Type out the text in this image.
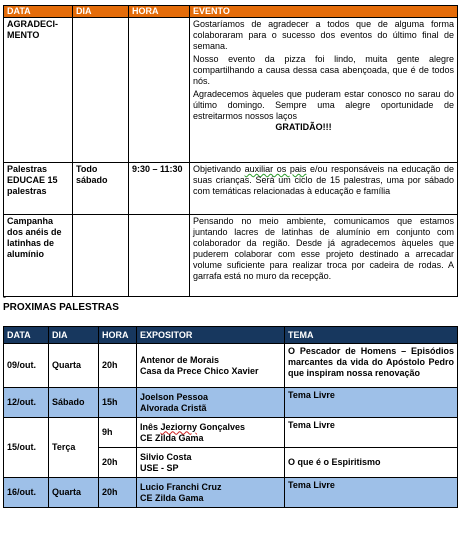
DATA	DIA	HORA	EVENTO
AGRADECI-MENTO			Gostaríamos de agradecer a todos que de alguma forma colaboraram para o sucesso dos eventos do último final de semana.

Nosso evento da pizza foi lindo, muita gente alegre compartilhando a causa dessa casa abençoada, que é de todos nós.

Agradecemos àqueles que puderam estar conosco no sarau do último domingo. Sempre uma alegre oportunidade de estreitarmos nossos laços

GRATIDÃO!!!

Palestras EDUCAE 15 palestras	Todo sábado	9:30 – 11:30	Objetivando auxiliar os pais e/ou responsáveis na educação de suas crianças. Será um ciclo de 15 palestras, uma por sábado com temáticas relacionadas à educação e família
Campanha dos anéis de latinhas de alumínio			Pensando no meio ambiente, comunicamos que estamos juntando lacres de latinhas de alumínio em conjunto com colaborador da região. Desde já agradecemos àqueles que puderem colaborar com esse projeto destinado a arrecadar volume suficiente para realizar troca por cadeira de rodas. A garrafa está no muro da recepção.
-
PROXIMAS PALESTRAS
DATA	DIA	HORA	EXPOSITOR	TEMA
09/out.	Quarta	20h	Antenor de Morais
Casa da Prece Chico Xavier	O Pescador de Homens – Episódios marcantes da vida do Apóstolo Pedro que inspiram nossa renovação
12/out.	Sábado	15h	Joelson Pessoa
Alvorada Cristã	Tema Livre
15/out.	Terça	9h	Inês Jeziorny Gonçalves
CE Zilda Gama	Tema Livre
		20h	Silvio Costa
USE - SP	O que é o Espiritismo
16/out.	Quarta	20h	Lucio Franchi Cruz
CE Zilda Gama	Tema Livre
